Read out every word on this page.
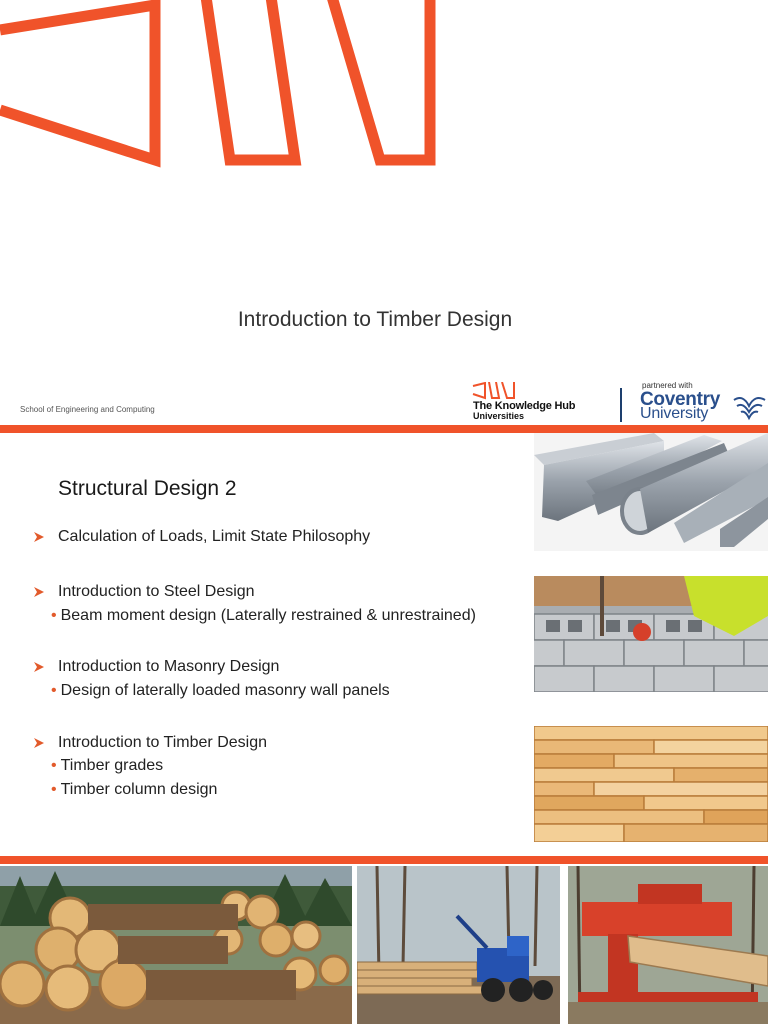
Introduction to Timber Design
School of Engineering and Computing	The Knowledge Hub
Universities
partnered with
Coventry
University
Structural Design 2
Calculation of Loads, Limit State Philosophy
Introduction to Steel Design
• Beam moment design (Laterally restrained & unrestrained)
Introduction to Masonry Design
• Design of laterally loaded masonry wall panels
Introduction to Timber Design
• Timber grades
• Timber column design
